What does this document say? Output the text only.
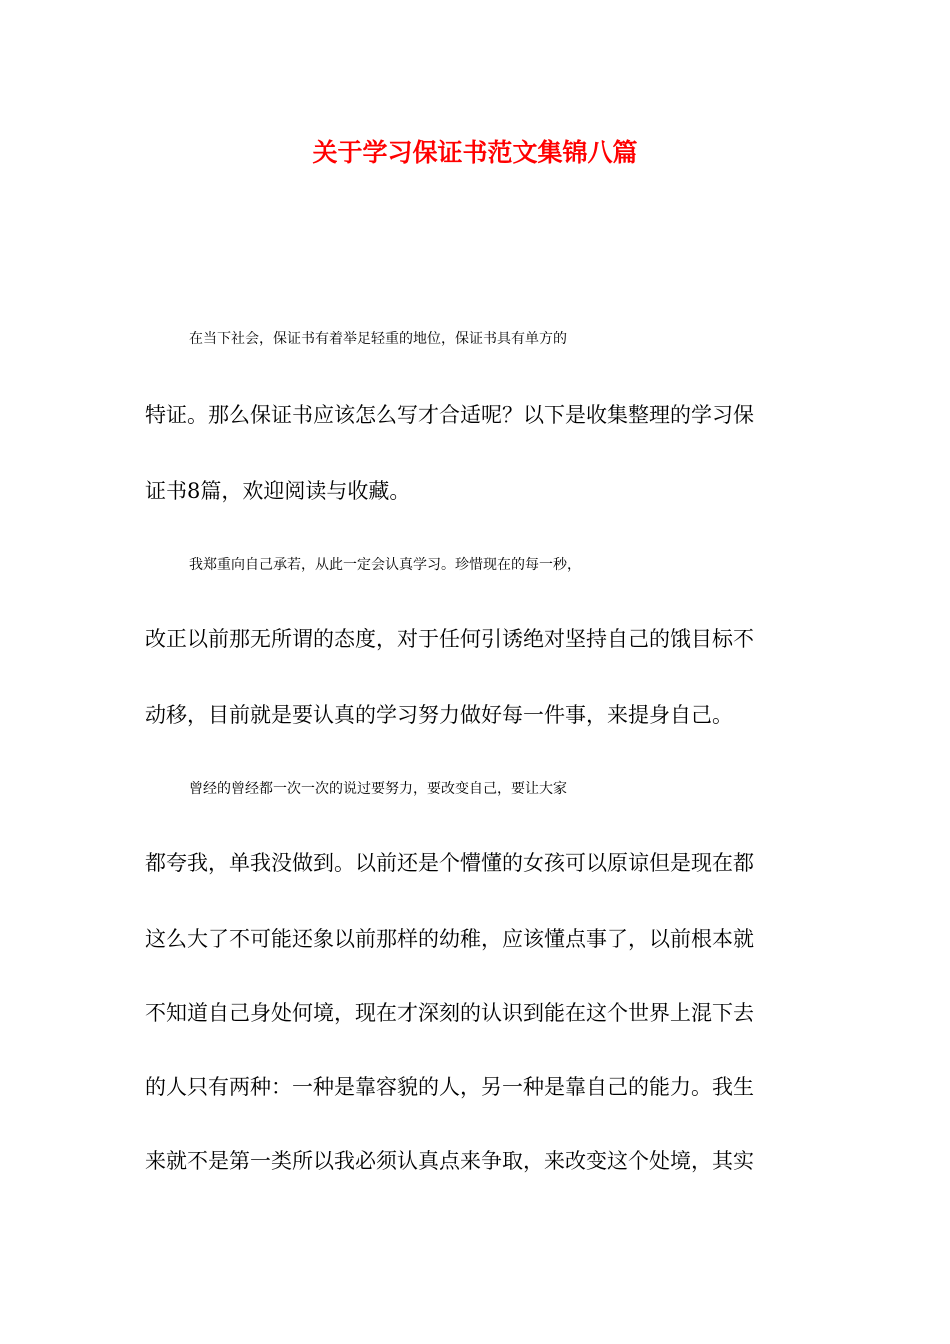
关于学习保证书范文集锦八篇

在当下社会，保证书有着举足轻重的地位，保证书具有单方的

特证。那么保证书应该怎么写才合适呢？以下是收集整理的学习保

证书8篇，欢迎阅读与收藏。

我郑重向自己承若，从此一定会认真学习。珍惜现在的每一秒，

改正以前那无所谓的态度，对于任何引诱绝对坚持自己的饿目标不

动移，目前就是要认真的学习努力做好每一件事，来提身自己。

曾经的曾经都一次一次的说过要努力，要改变自己，要让大家

都夸我，单我没做到。以前还是个懵懂的女孩可以原谅但是现在都

这么大了不可能还象以前那样的幼稚，应该懂点事了，以前根本就

不知道自己身处何境，现在才深刻的认识到能在这个世界上混下去

的人只有两种：一种是靠容貌的人，另一种是靠自己的能力。我生

来就不是第一类所以我必须认真点来争取，来改变这个处境，其实
